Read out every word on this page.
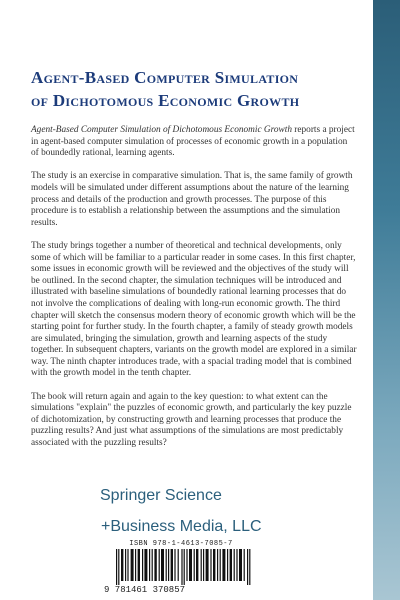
Agent-Based Computer Simulation
of Dichotomous Economic Growth

Agent-Based Computer Simulation of Dichotomous Economic Growth reports a project in agent-based computer simulation of processes of economic growth in a population of boundedly rational, learning agents.

The study is an exercise in comparative simulation. That is, the same family of growth models will be simulated under different assumptions about the nature of the learning process and details of the production and growth processes. The purpose of this procedure is to establish a relationship between the assumptions and the simulation results.

The study brings together a number of theoretical and technical developments, only some of which will be familiar to a particular reader in some cases. In this first chapter, some issues in economic growth will be reviewed and the objectives of the study will be outlined. In the second chapter, the simulation techniques will be introduced and illustrated with baseline simulations of boundedly rational learning processes that do not involve the complications of dealing with long-run economic growth. The third chapter will sketch the consensus modern theory of economic growth which will be the starting point for further study. In the fourth chapter, a family of steady growth models are simulated, bringing the simulation, growth and learning aspects of the study together. In subsequent chapters, variants on the growth model are explored in a similar way. The ninth chapter introduces trade, with a spacial trading model that is combined with the growth model in the tenth chapter.

The book will return again and again to the key question: to what extent can the simulations "explain" the puzzles of economic growth, and particularly the key puzzle of dichotomization, by constructing growth and learning processes that produce the puzzling results? And just what assumptions of the simulations are most predictably associated with the puzzling results?

Springer Science
+Business Media, LLC
ISBN 978-1-4613-7085-7
9 781461 370857
